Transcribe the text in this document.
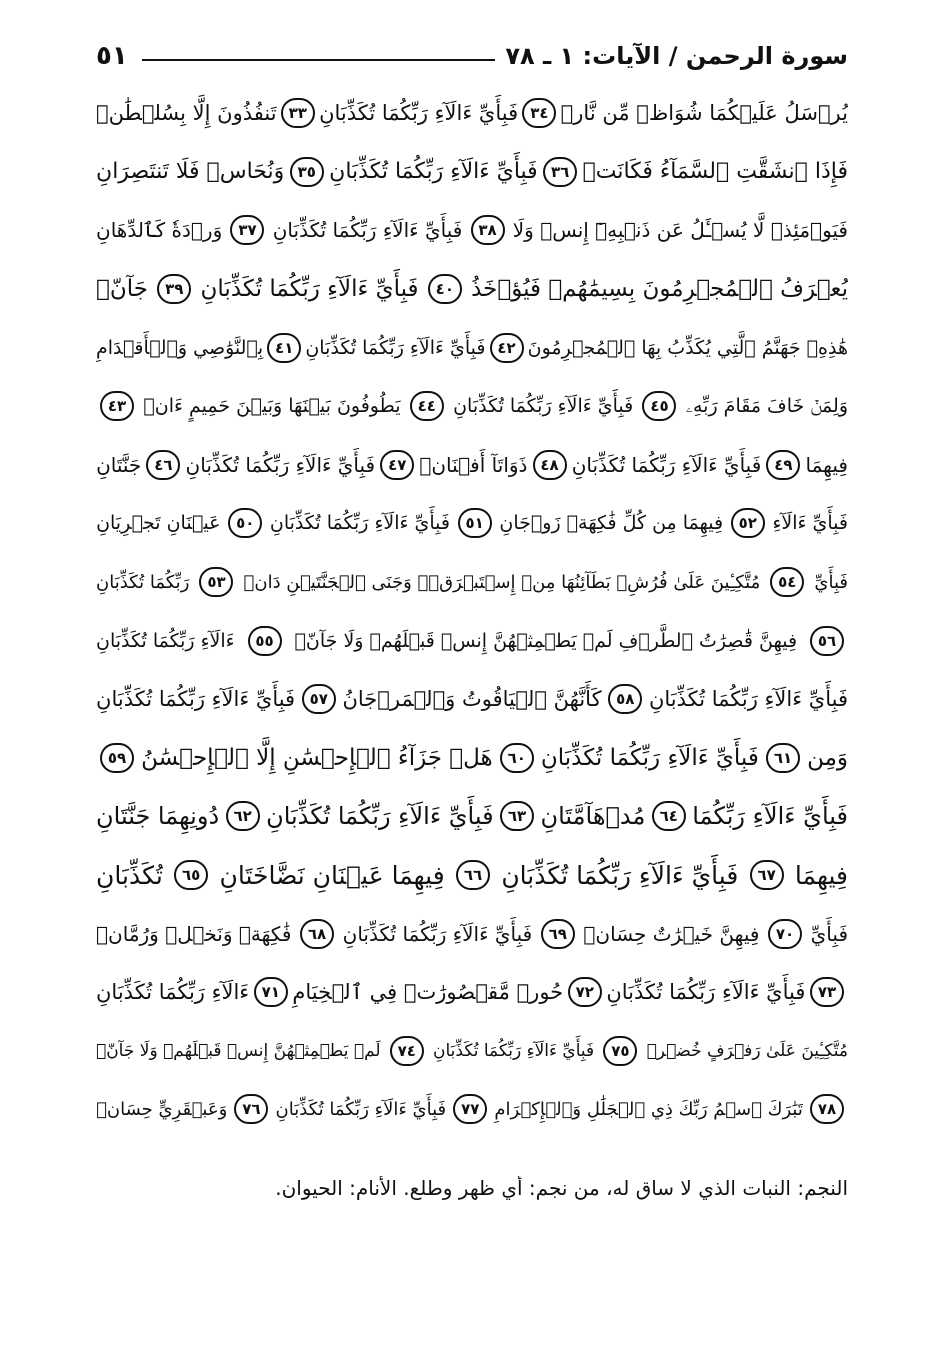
٥١	سورة الرحمن / الآيات: ١ ـ ٧٨
يُرۡسَلُ عَلَيۡكُمَا شُوَاظٞ مِّن نَّارٖ
٣٤
فَبِأَيِّ ءَالَآءِ رَبِّكُمَا تُكَذِّبَانِ
٣٣
تَنفُذُونَ إِلَّا بِسُلۡطَٰنٖ
فَإِذَا ٱنشَقَّتِ ٱلسَّمَآءُ فَكَانَتۡ
٣٦
فَبِأَيِّ ءَالَآءِ رَبِّكُمَا تُكَذِّبَانِ
٣٥
وَنُحَاسٞ فَلَا تَنتَصِرَانِ
فَيَوۡمَئِذٖ لَّا يُسۡـَٔلُ عَن ذَنۢبِهِۦٓ إِنسٞ وَلَا
٣٨
فَبِأَيِّ ءَالَآءِ رَبِّكُمَا تُكَذِّبَانِ
٣٧
وَرۡدَةٗ كَٱلدِّهَانِ
يُعۡرَفُ ٱلۡمُجۡرِمُونَ بِسِيمَٰهُمۡ فَيُؤۡخَذُ
٤٠
فَبِأَيِّ ءَالَآءِ رَبِّكُمَا تُكَذِّبَانِ
٣٩
جَآنّٞ
هَٰذِهِۦ جَهَنَّمُ ٱلَّتِي يُكَذِّبُ بِهَا ٱلۡمُجۡرِمُونَ
٤٢
فَبِأَيِّ ءَالَآءِ رَبِّكُمَا تُكَذِّبَانِ
٤١
بِٱلنَّوَٰصِي وَٱلۡأَقۡدَامِ
وَلِمَنۡ خَافَ مَقَامَ رَبِّهِۦ
٤٥
فَبِأَيِّ ءَالَآءِ رَبِّكُمَا تُكَذِّبَانِ
٤٤
يَطُوفُونَ بَيۡنَهَا وَبَيۡنَ حَمِيمٍ ءَانٖ
٤٣
فِيهِمَا
٤٩
فَبِأَيِّ ءَالَآءِ رَبِّكُمَا تُكَذِّبَانِ
٤٨
ذَوَاتَآ أَفۡنَانٖ
٤٧
فَبِأَيِّ ءَالَآءِ رَبِّكُمَا تُكَذِّبَانِ
٤٦
جَنَّتَانِ
فَبِأَيِّ ءَالَآءِ
٥٢
فِيهِمَا مِن كُلِّ فَٰكِهَةٖ زَوۡجَانِ
٥١
فَبِأَيِّ ءَالَآءِ رَبِّكُمَا تُكَذِّبَانِ
٥٠
عَيۡنَانِ تَجۡرِيَانِ
فَبِأَيِّ
٥٤
مُتَّكِـِٔينَ عَلَىٰ فُرُشِۭ بَطَآئِنُهَا مِنۡ إِسۡتَبۡرَقٖۚ وَجَنَى ٱلۡجَنَّتَيۡنِ دَانٖ
٥٣
رَبِّكُمَا تُكَذِّبَانِ
٥٦
فِيهِنَّ قَٰصِرَٰتُ ٱلطَّرۡفِ لَمۡ يَطۡمِثۡهُنَّ إِنسٞ قَبۡلَهُمۡ وَلَا جَآنّٞ
٥٥
ءَالَآءِ رَبِّكُمَا تُكَذِّبَانِ
فَبِأَيِّ ءَالَآءِ رَبِّكُمَا تُكَذِّبَانِ
٥٨
كَأَنَّهُنَّ ٱلۡيَاقُوتُ وَٱلۡمَرۡجَانُ
٥٧
فَبِأَيِّ ءَالَآءِ رَبِّكُمَا تُكَذِّبَانِ
وَمِن
٦١
فَبِأَيِّ ءَالَآءِ رَبِّكُمَا تُكَذِّبَانِ
٦٠
هَلۡ جَزَآءُ ٱلۡإِحۡسَٰنِ إِلَّا ٱلۡإِحۡسَٰنُ
٥٩
فَبِأَيِّ ءَالَآءِ رَبِّكُمَا
٦٤
مُدۡهَآمَّتَانِ
٦٣
فَبِأَيِّ ءَالَآءِ رَبِّكُمَا تُكَذِّبَانِ
٦٢
دُونِهِمَا جَنَّتَانِ
فِيهِمَا
٦٧
فَبِأَيِّ ءَالَآءِ رَبِّكُمَا تُكَذِّبَانِ
٦٦
فِيهِمَا عَيۡنَانِ نَضَّاخَتَانِ
٦٥
تُكَذِّبَانِ
فَبِأَيِّ
٧٠
فِيهِنَّ خَيۡرَٰتٌ حِسَانٞ
٦٩
فَبِأَيِّ ءَالَآءِ رَبِّكُمَا تُكَذِّبَانِ
٦٨
فَٰكِهَةٞ وَنَخۡلٞ وَرُمَّانٞ
٧٣
فَبِأَيِّ ءَالَآءِ رَبِّكُمَا تُكَذِّبَانِ
٧٢
حُورٞ مَّقۡصُورَٰتٞ فِي ٱلۡخِيَامِ
٧١
ءَالَآءِ رَبِّكُمَا تُكَذِّبَانِ
مُتَّكِـِٔينَ عَلَىٰ رَفۡرَفٍ خُضۡرٖ
٧٥
فَبِأَيِّ ءَالَآءِ رَبِّكُمَا تُكَذِّبَانِ
٧٤
لَمۡ يَطۡمِثۡهُنَّ إِنسٞ قَبۡلَهُمۡ وَلَا جَآنّٞ
٧٨
تَبَٰرَكَ ٱسۡمُ رَبِّكَ ذِي ٱلۡجَلَٰلِ وَٱلۡإِكۡرَامِ
٧٧
فَبِأَيِّ ءَالَآءِ رَبِّكُمَا تُكَذِّبَانِ
٧٦
وَعَبۡقَرِيٍّ حِسَانٖ
النجم: النبات الذي لا ساق له، من نجم: أي ظهر وطلع. الأنام: الحيوان.
